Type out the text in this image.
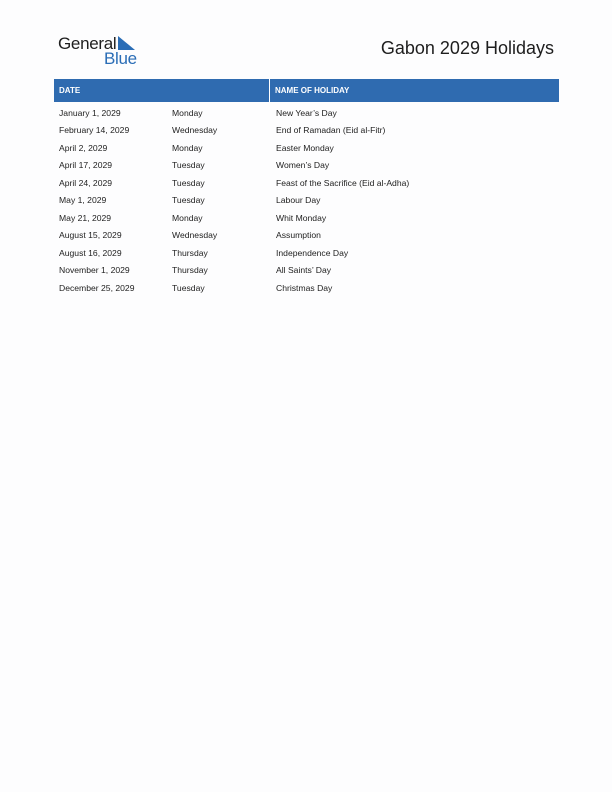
General
Blue
Gabon 2029 Holidays
DATE	NAME OF HOLIDAY
January 1, 2029	Monday	New Year’s Day
February 14, 2029	Wednesday	End of Ramadan (Eid al-Fitr)
April 2, 2029	Monday	Easter Monday
April 17, 2029	Tuesday	Women’s Day
April 24, 2029	Tuesday	Feast of the Sacrifice (Eid al-Adha)
May 1, 2029	Tuesday	Labour Day
May 21, 2029	Monday	Whit Monday
August 15, 2029	Wednesday	Assumption
August 16, 2029	Thursday	Independence Day
November 1, 2029	Thursday	All Saints’ Day
December 25, 2029	Tuesday	Christmas Day
